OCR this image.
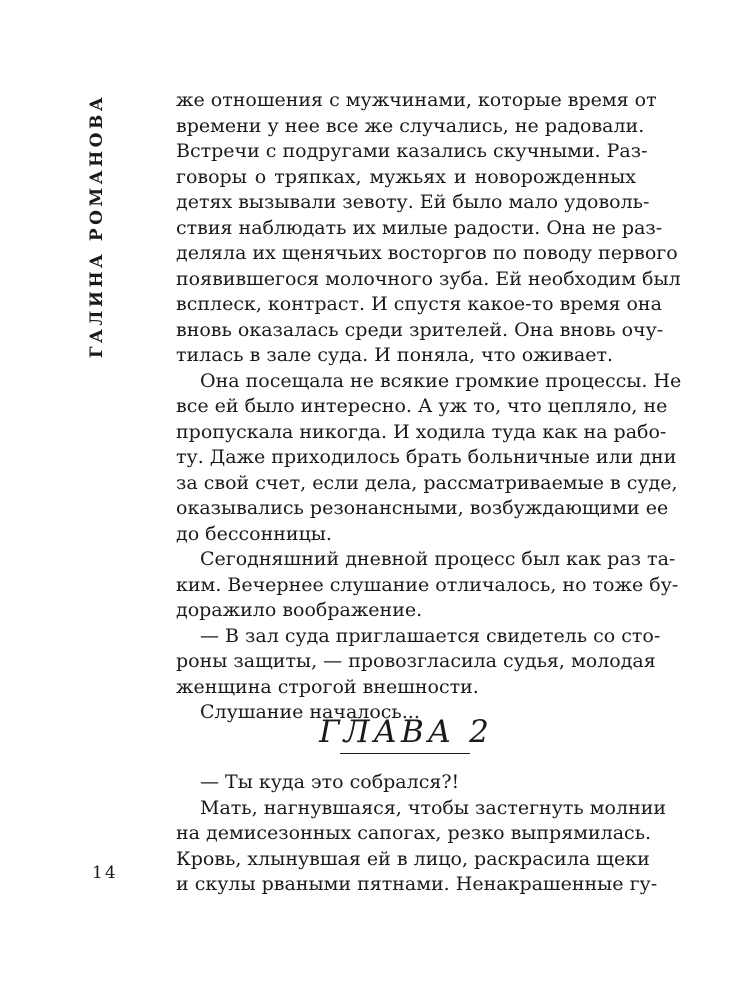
ГАЛИНА РОМАНОВА	же отношения с мужчинами, которые время от
времени у нее все же случались, не радовали.
Встречи с подругами казались скучными. Раз-
говоры о тряпках, мужьях и новорожденных
детях вызывали зевоту. Ей было мало удоволь-
ствия наблюдать их милые радости. Она не раз-
деляла их щенячьих восторгов по поводу первого
появившегося молочного зуба. Ей необходим был
всплеск, контраст. И спустя какое-то время она
вновь оказалась среди зрителей. Она вновь очу-
тилась в зале суда. И поняла, что оживает.
Она посещала не всякие громкие процессы. Не
все ей было интересно. А уж то, что цепляло, не
пропускала никогда. И ходила туда как на рабо-
ту. Даже приходилось брать больничные или дни
за свой счет, если дела, рассматриваемые в суде,
оказывались резонансными, возбуждающими ее
до бессонницы.
Сегодняшний дневной процесс был как раз та-
ким. Вечернее слушание отличалось, но тоже бу-
доражило воображение.
— В зал суда приглашается свидетель со сто-
роны защиты, — провозгласила судья, молодая
женщина строгой внешности.
Слушание началось...
ГЛАВА 2
— Ты куда это собрался?!
Мать, нагнувшаяся, чтобы застегнуть молнии
на демисезонных сапогах, резко выпрямилась.
Кровь, хлынувшая ей в лицо, раскрасила щеки
и скулы рваными пятнами. Ненакрашенные гу-
14
